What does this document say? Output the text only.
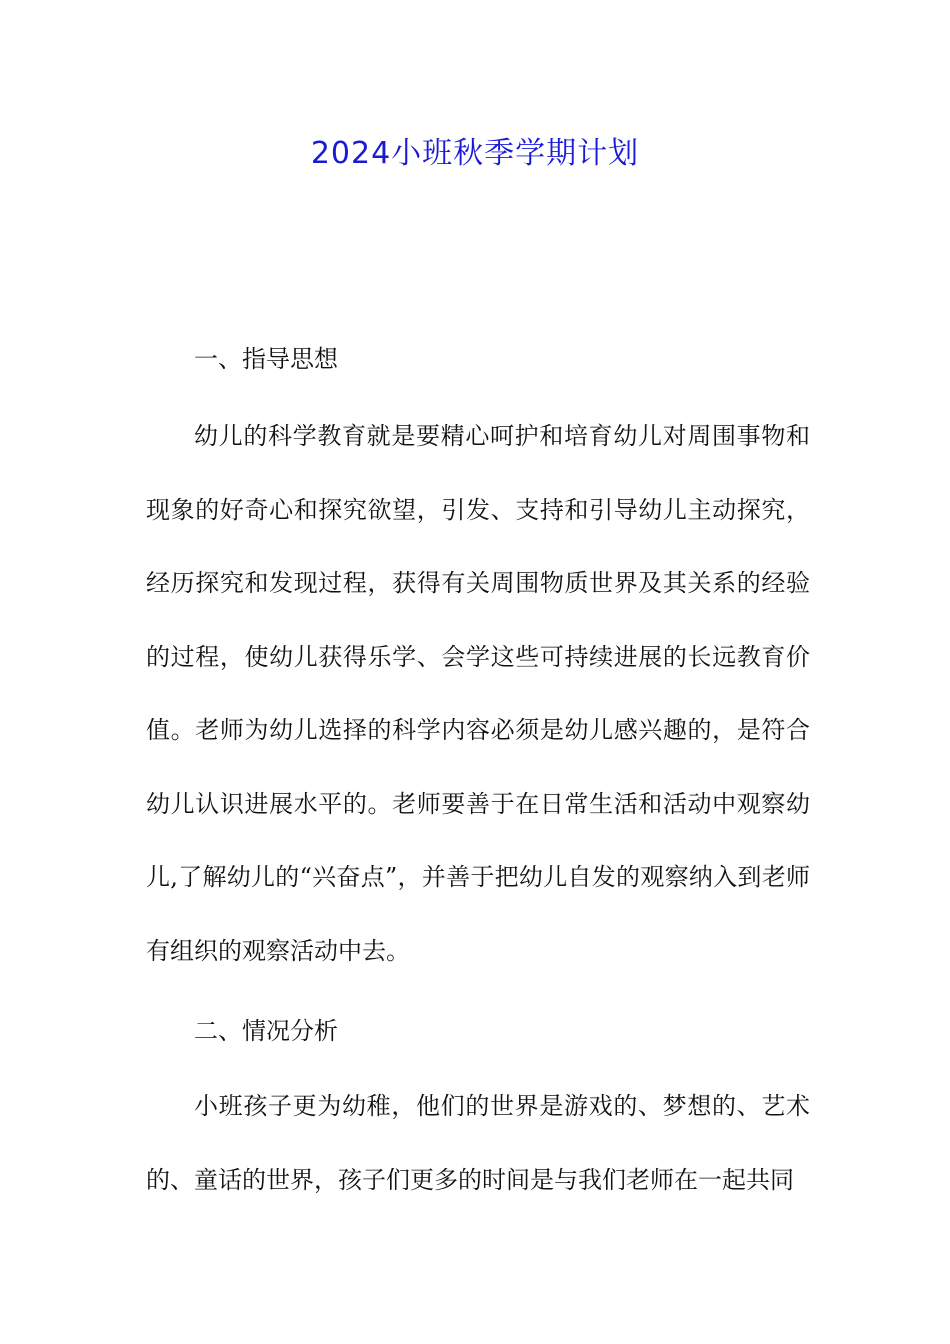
2024小班秋季学期计划
一、指导思想

幼儿的科学教育就是要精心呵护和培育幼儿对周围事物和现象的好奇心和探究欲望，引发、支持和引导幼儿主动探究，经历探究和发现过程，获得有关周围物质世界及其关系的经验的过程，使幼儿获得乐学、会学这些可持续进展的长远教育价值。老师为幼儿选择的科学内容必须是幼儿感兴趣的，是符合幼儿认识进展水平的。老师要善于在日常生活和活动中观察幼儿,了解幼儿的“兴奋点”，并善于把幼儿自发的观察纳入到老师有组织的观察活动中去。

二、情况分析

小班孩子更为幼稚，他们的世界是游戏的、梦想的、艺术的、童话的世界，孩子们更多的时间是与我们老师在一起共同
